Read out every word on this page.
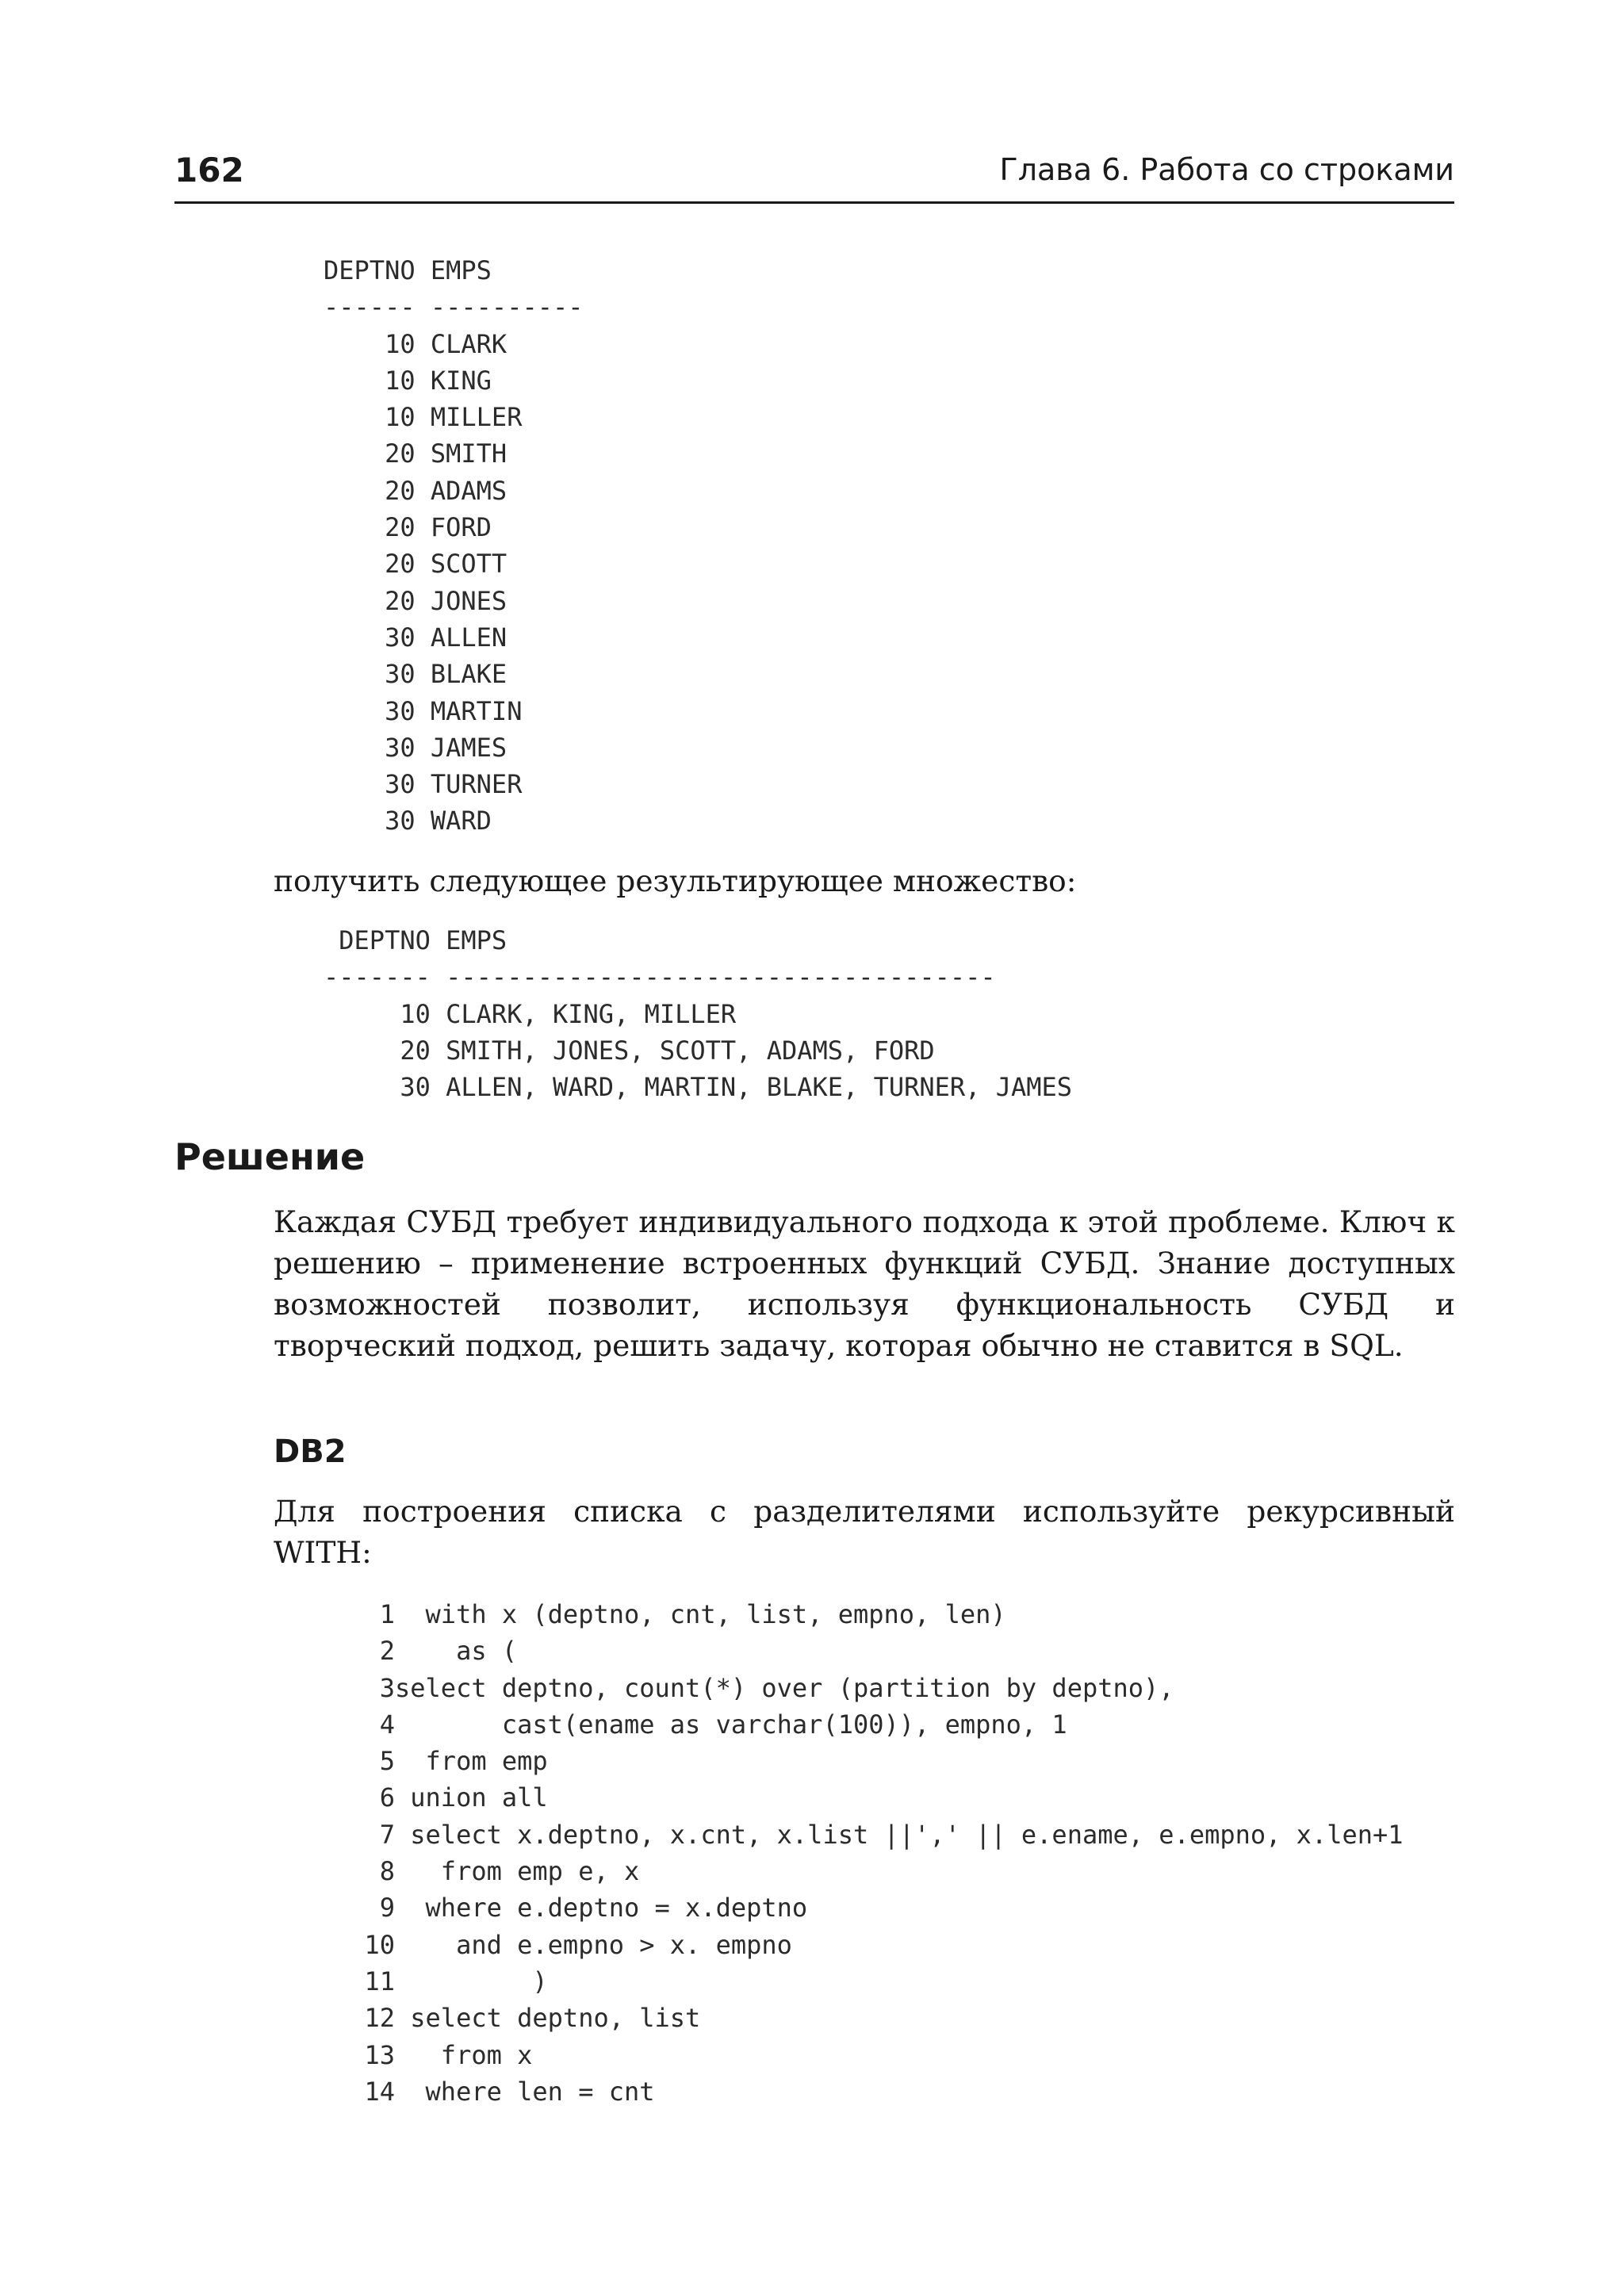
162	Глава 6. Работа со строками
DEPTNO EMPS
------ ----------
10 CLARK
10 KING
10 MILLER
20 SMITH
20 ADAMS
20 FORD
20 SCOTT
20 JONES
30 ALLEN
30 BLAKE
30 MARTIN
30 JAMES
30 TURNER
30 WARD

получить следующее результирующее множество:

DEPTNO EMPS
------- ------------------------------------
10 CLARK, KING, MILLER
20 SMITH, JONES, SCOTT, ADAMS, FORD
30 ALLEN, WARD, MARTIN, BLAKE, TURNER, JAMES
Решение

Каждая СУБД требует индивидуального подхода к этой проблеме. Ключ к решению – применение встроенных функций СУБД. Знание доступных возможностей позволит, используя функциональность СУБД и творческий подход, решить задачу, которая обычно не ставится в SQL.

DB2

Для построения списка с разделителями используйте рекурсивный WITH:

1  with x (deptno, cnt, list, empno, len)
2    as (
3select deptno, count(*) over (partition by deptno),
4       cast(ename as varchar(100)), empno, 1
5  from emp
6 union all
7 select x.deptno, x.cnt, x.list ||',' || e.ename, e.empno, x.len+1
8   from emp e, x
9  where e.deptno = x.deptno
10    and e.empno > x. empno
11         )
12 select deptno, list
13   from x
14  where len = cnt
